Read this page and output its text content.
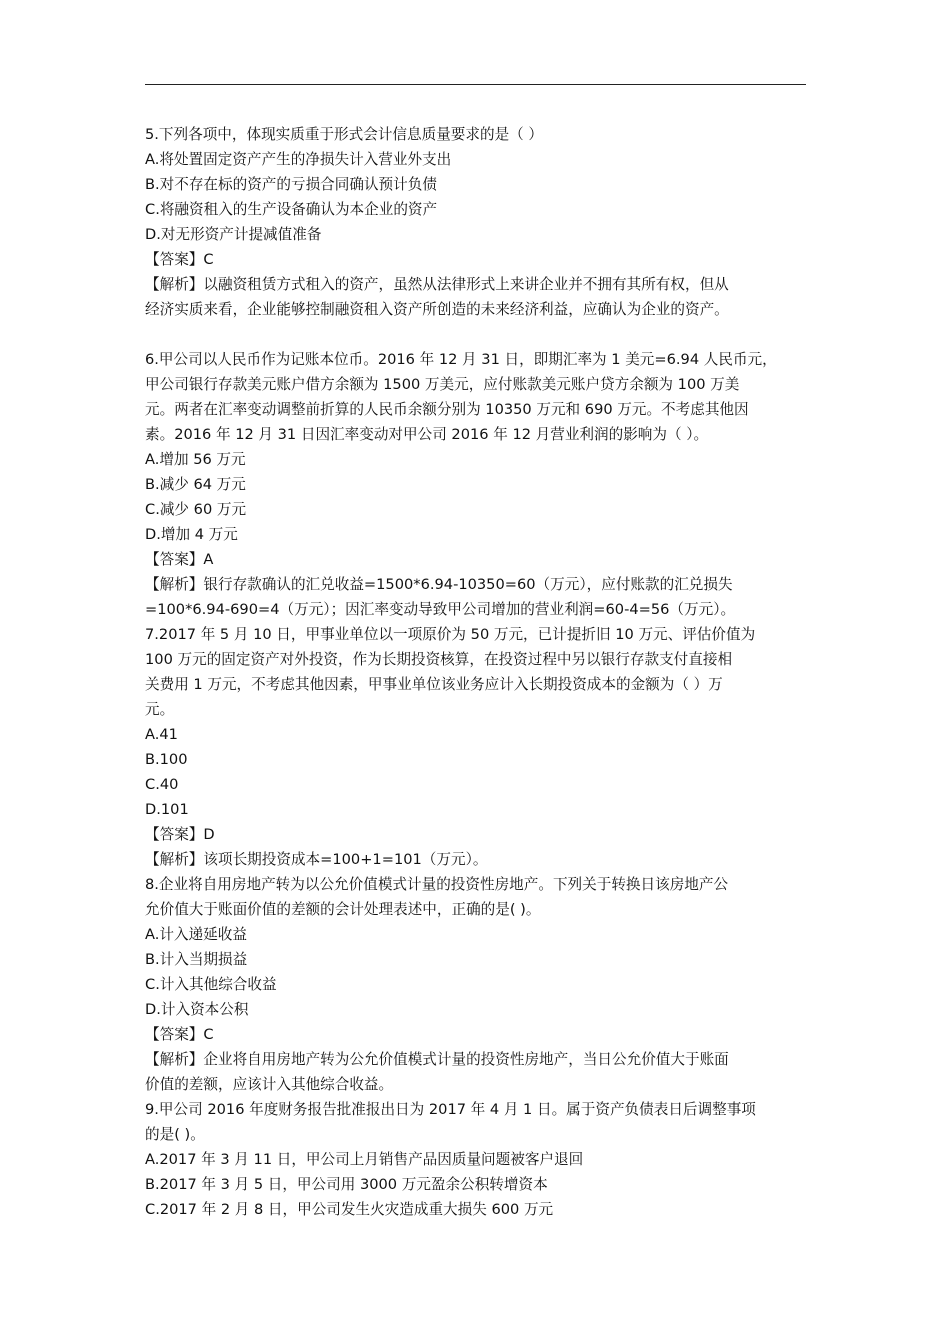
5.下列各项中，体现实质重于形式会计信息质量要求的是（ ）
A.将处置固定资产产生的净损失计入营业外支出
B.对不存在标的资产的亏损合同确认预计负债
C.将融资租入的生产设备确认为本企业的资产
D.对无形资产计提减值准备
【答案】C
【解析】以融资租赁方式租入的资产，虽然从法律形式上来讲企业并不拥有其所有权，但从
经济实质来看，企业能够控制融资租入资产所创造的未来经济利益，应确认为企业的资产。
6.甲公司以人民币作为记账本位币。2016 年 12 月 31 日，即期汇率为 1 美元=6.94 人民币元，
甲公司银行存款美元账户借方余额为 1500 万美元，应付账款美元账户贷方余额为 100 万美
元。两者在汇率变动调整前折算的人民币余额分别为 10350 万元和 690 万元。不考虑其他因
素。2016 年 12 月 31 日因汇率变动对甲公司 2016 年 12 月营业利润的影响为（ ）。
A.增加 56 万元
B.减少 64 万元
C.减少 60 万元
D.增加 4 万元
【答案】A
【解析】银行存款确认的汇兑收益=1500*6.94-10350=60（万元），应付账款的汇兑损失
=100*6.94-690=4（万元）；因汇率变动导致甲公司增加的营业利润=60-4=56（万元）。
7.2017 年 5 月 10 日，甲事业单位以一项原价为 50 万元，已计提折旧 10 万元、评估价值为
100 万元的固定资产对外投资，作为长期投资核算，在投资过程中另以银行存款支付直接相
关费用 1 万元，不考虑其他因素，甲事业单位该业务应计入长期投资成本的金额为（ ）万
元。
A.41
B.100
C.40
D.101
【答案】D
【解析】该项长期投资成本=100+1=101（万元）。
8.企业将自用房地产转为以公允价值模式计量的投资性房地产。下列关于转换日该房地产公
允价值大于账面价值的差额的会计处理表述中，正确的是( )。
A.计入递延收益
B.计入当期损益
C.计入其他综合收益
D.计入资本公积
【答案】C
【解析】企业将自用房地产转为公允价值模式计量的投资性房地产，当日公允价值大于账面
价值的差额，应该计入其他综合收益。
9.甲公司 2016 年度财务报告批准报出日为 2017 年 4 月 1 日。属于资产负债表日后调整事项
的是( )。
A.2017 年 3 月 11 日，甲公司上月销售产品因质量问题被客户退回
B.2017 年 3 月 5 日，甲公司用 3000 万元盈余公积转增资本
C.2017 年 2 月 8 日，甲公司发生火灾造成重大损失 600 万元
